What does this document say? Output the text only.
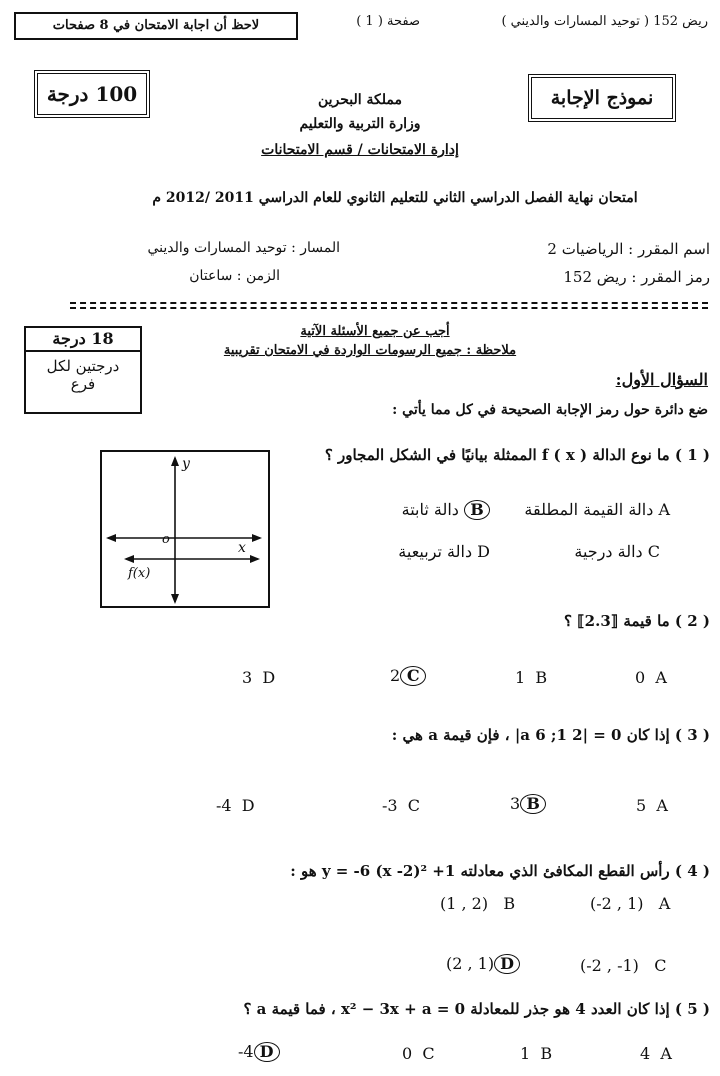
ريض 152 ( توحيد المسارات والديني )
صفحة ( 1 )
لاحظ أن اجابة الامتحان في 8 صفحات
100 درجة	نموذج الإجابة
مملكة البحرين
وزارة التربية والتعليم
إدارة الامتحانات / قسم الامتحانات
امتحان نهاية الفصل الدراسي الثاني للتعليم الثانوي للعام الدراسي 2011 /2012 م
اسم المقرر : الرياضيات 2
المسار : توحيد المسارات والديني
رمز المقرر : ريض 152
الزمن : ساعتان
18 درجة
درجتين لكل
فرع
أجب عن جميع الأسئلة الآتية
ملاحظة : جميع الرسومات الواردة في الامتحان تقريبية
السؤال الأول:
ضع دائرة حول رمز الإجابة الصحيحة في كل مما يأتي :
y
x
o
f(x)
( 1 ) ما نوع الدالة f ( x ) الممثلة بيانيًا في الشكل المجاور ؟
دالة القيمة المطلقة A
دالة ثابتة B
دالة درجية C
دالة تربيعية D
( 2 ) ما قيمة ⟦2.3⟧ ؟
0 A
1 B
2 C
3 D
( 3 ) إذا كان 0 = |2 1; 6 a| ، فإن قيمة a هي :
5 A
3 B
-3 C
-4 D
( 4 ) رأس القطع المكافئ الذي معادلته y = -6 (x -2)² +1 هو :
(-2 , 1) A
(1 , 2) B
(-2 , -1) C
(2 , 1) D
( 5 ) إذا كان العدد 4 هو جذر للمعادلة x² − 3x + a = 0 ، فما قيمة a ؟
4 A
1 B
0 C
-4 D
